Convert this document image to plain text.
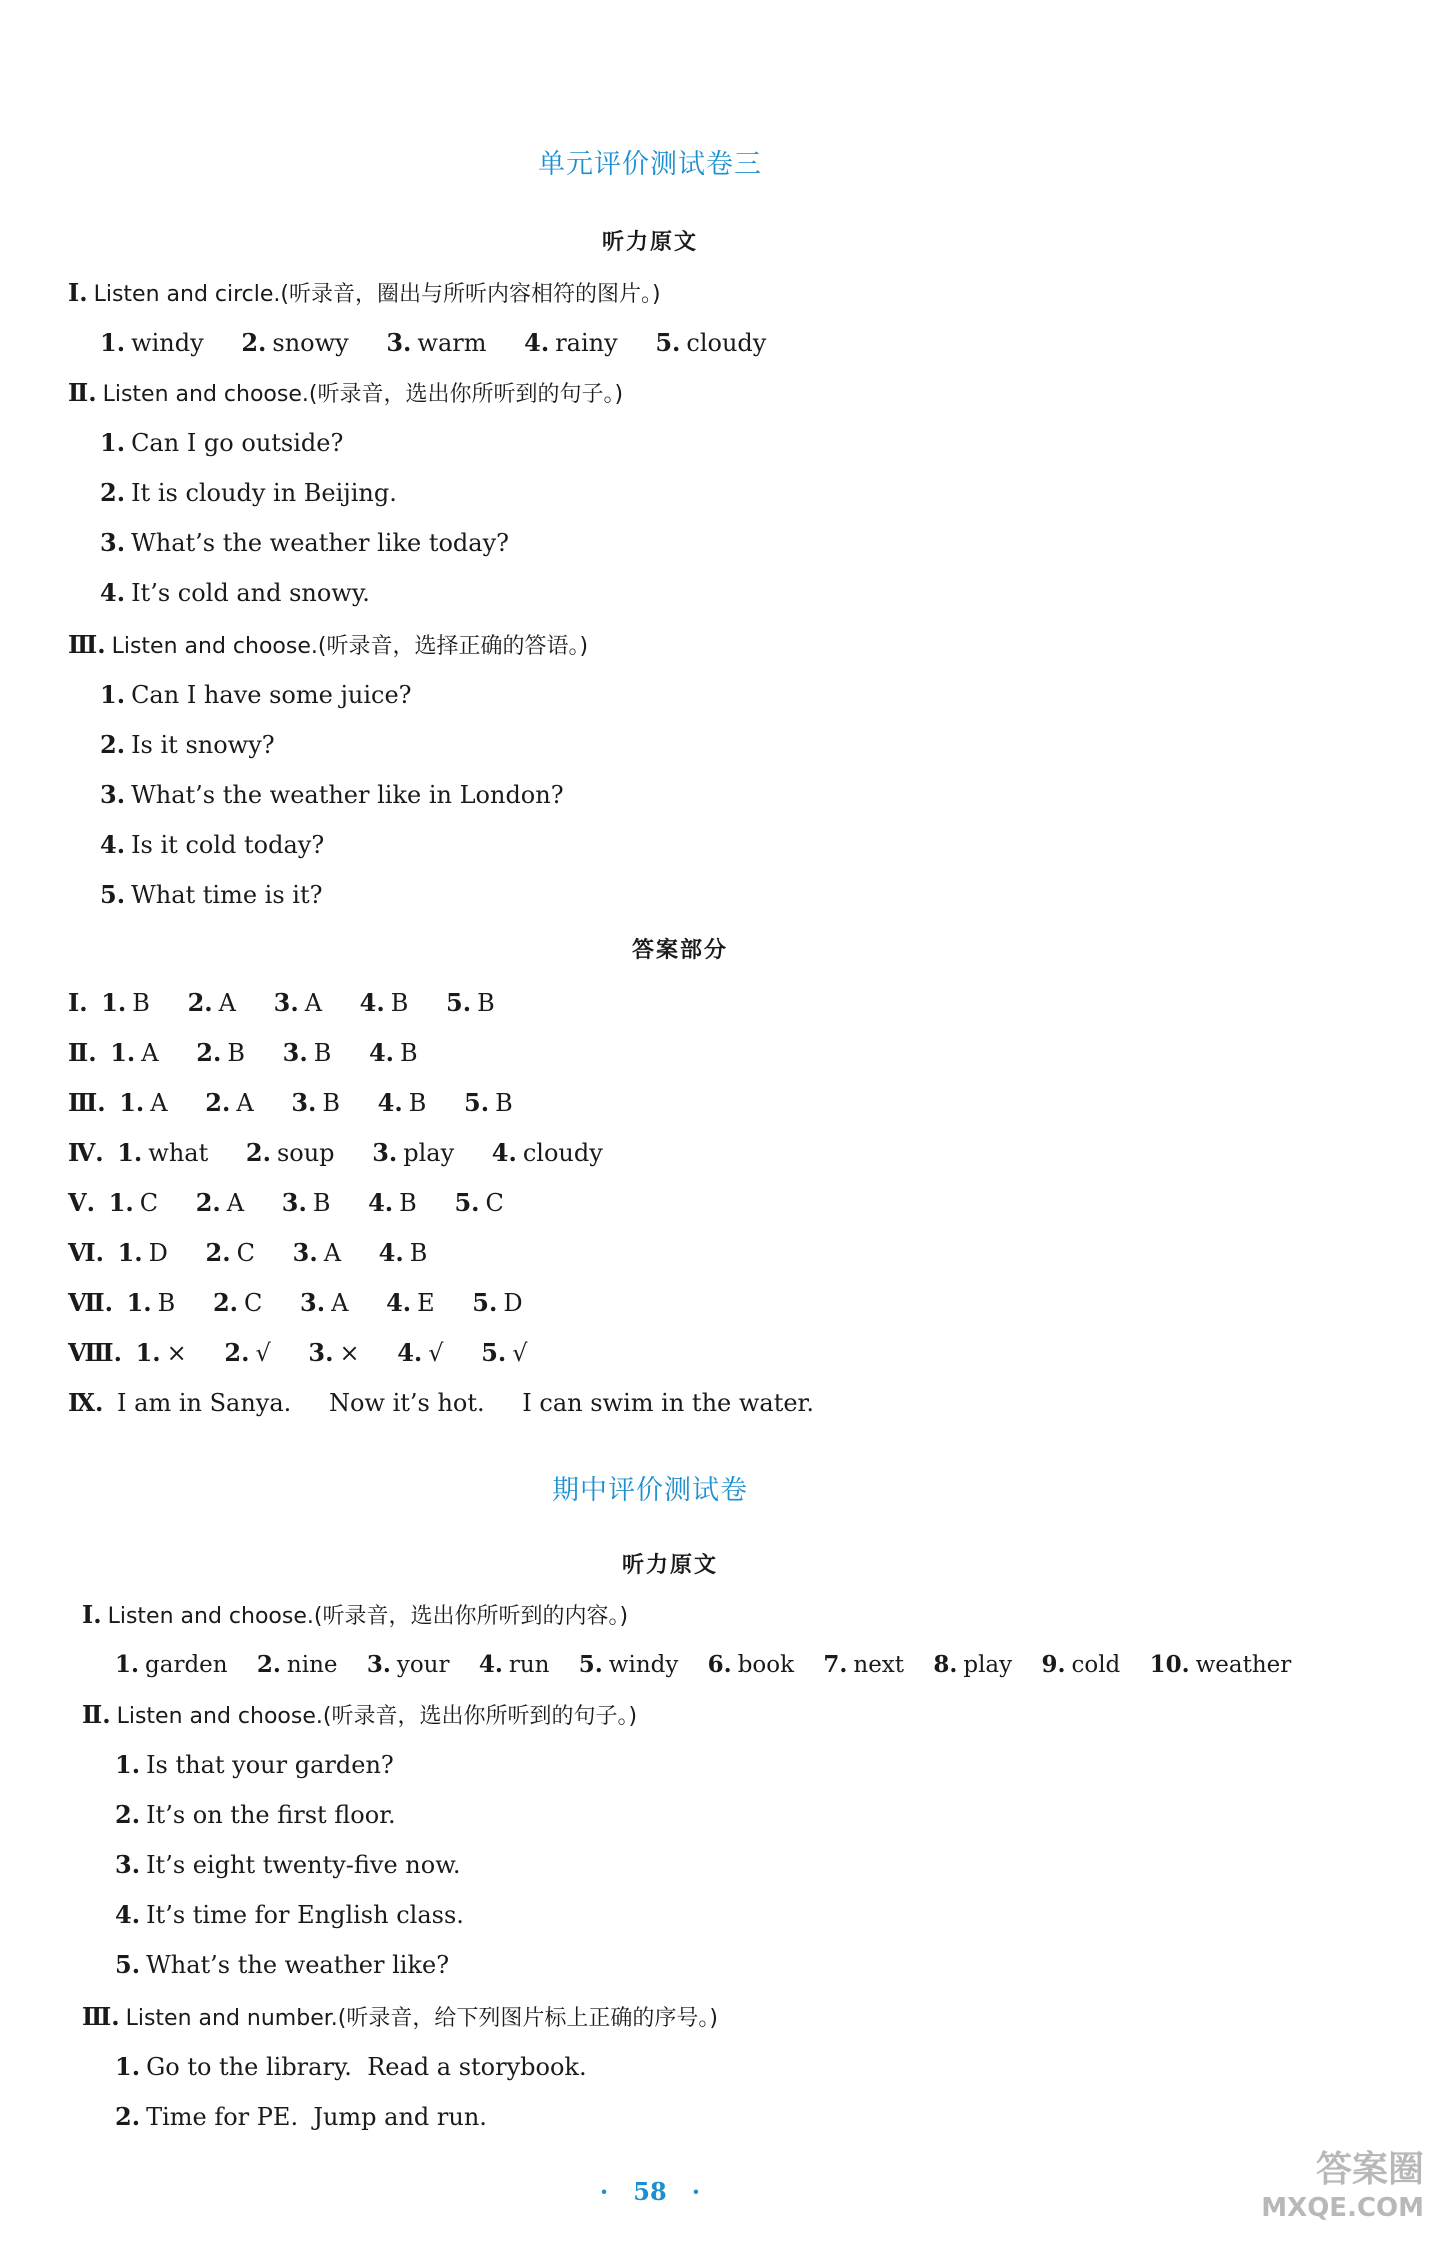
单元评价测试卷三
听力原文
Ⅰ. Listen and circle.(听录音，圈出与所听内容相符的图片。)
1. windy 2. snowy 3. warm 4. rainy 5. cloudy
Ⅱ. Listen and choose.(听录音，选出你所听到的句子。)
1. Can I go outside?
2. It is cloudy in Beijing.
3. What’s the weather like today?
4. It’s cold and snowy.
Ⅲ. Listen and choose.(听录音，选择正确的答语。)
1. Can I have some juice?
2. Is it snowy?
3. What’s the weather like in London?
4. Is it cold today?
5. What time is it?
答案部分
Ⅰ. 1. B 2. A 3. A 4. B 5. B
Ⅱ. 1. A 2. B 3. B 4. B
Ⅲ. 1. A 2. A 3. B 4. B 5. B
Ⅳ. 1. what 2. soup 3. play 4. cloudy
Ⅴ. 1. C 2. A 3. B 4. B 5. C
Ⅵ. 1. D 2. C 3. A 4. B
Ⅶ. 1. B 2. C 3. A 4. E 5. D
Ⅷ. 1. × 2. √ 3. × 4. √ 5. √
Ⅸ. I am in Sanya. Now it’s hot. I can swim in the water.
期中评价测试卷
听力原文
Ⅰ. Listen and choose.(听录音，选出你所听到的内容。)
1. garden 2. nine 3. your 4. run 5. windy 6. book 7. next 8. play 9. cold 10. weather
Ⅱ. Listen and choose.(听录音，选出你所听到的句子。)
1. Is that your garden?
2. It’s on the first floor.
3. It’s eight twenty-five now.
4. It’s time for English class.
5. What’s the weather like?
Ⅲ. Listen and number.(听录音，给下列图片标上正确的序号。)
1. Go to the library.  Read a storybook.
2. Time for PE.  Jump and run.
·   58   ·
答案圈
MXQE.COM
